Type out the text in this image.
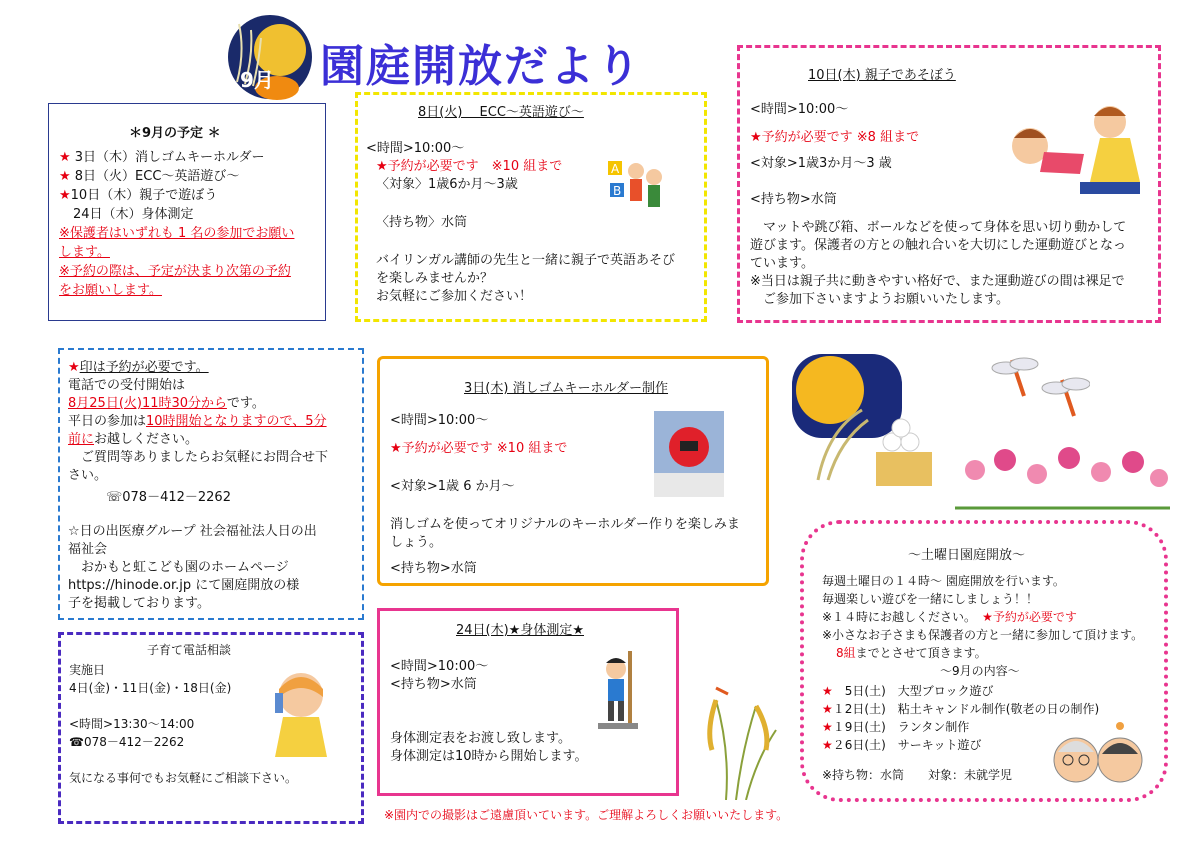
9月 園庭開放だより
＊9月の予定 ＊
★ 3日（木）消しゴムキーホルダー
★ 8日（火）ECC～英語遊び～
★10日（木）親子で遊ぼう
24日（木）身体測定
※保護者はいずれも 1 名の参加でお願い
します。
※予約の際は、予定が決まり次第の予約
をお願いします。
8日(火)　 ECC～英語遊び～
<時間>10:00～
★予約が必要です　※10 組まで
〈対象〉1歳6か月～3歳
〈持ち物〉水筒
バイリンガル講師の先生と一緒に親子で英語あそび
を楽しみませんか？
お気軽にご参加ください！
A
B
10日(木) 親子であそぼう
<時間>10:00～
★予約が必要です ※8 組まで
<対象>1歳3か月～3 歳
<持ち物>水筒
　マットや跳び箱、ボールなどを使って身体を思い切り動かして
遊びます。保護者の方との触れ合いを大切にした運動遊びとなっ
ています。
※当日は親子共に動きやすい格好で、また運動遊びの間は裸足で
　ご参加下さいますようお願いいたします。
★印は予約が必要です。
電話での受付開始は
8月25日(火)11時30分からです。
平日の参加は10時開始となりますので、5分
前にお越しください。
　ご質問等ありましたらお気軽にお問合せ下
さい。
☏078－412－2262
☆日の出医療グループ 社会福祉法人日の出
福祉会
　おかもと虹こども園のホームページ
https://hinode.or.jp にて園庭開放の様
子を掲載しております。
3日(木) 消しゴムキーホルダー制作
<時間>10:00～
★予約が必要です ※10 組まで
<対象>1歳 6 か月～
消しゴムを使ってオリジナルのキーホルダー作りを楽しみま
しょう。
<持ち物>水筒
子育て電話相談
実施日
4日(金)・11日(金)・18日(金)
<時間>13:30～14:00
☎078－412－2262
気になる事何でもお気軽にご相談下さい。
24日(木)★身体測定★
<時間>10:00～
<持ち物>水筒
身体測定表をお渡し致します。
身体測定は10時から開始します。
～土曜日園庭開放～
毎週土曜日の１４時～ 園庭開放を行います。
毎週楽しい遊びを一緒にしましょう！！
※１４時にお越しください。　★予約が必要です
※小さなお子さまも保護者の方と一緒に参加して頂けます。
8組までとさせて頂きます。
～9月の内容～
★　5日(土)　大型ブロック遊び
★１2日(土)　粘土キャンドル制作(敬老の日の制作)
★１9日(土)　ランタン制作
★２6日(土)　サーキット遊び
※持ち物：水筒　　対象：未就学児
※園内での撮影はご遠慮頂いています。ご理解よろしくお願いいたします。
